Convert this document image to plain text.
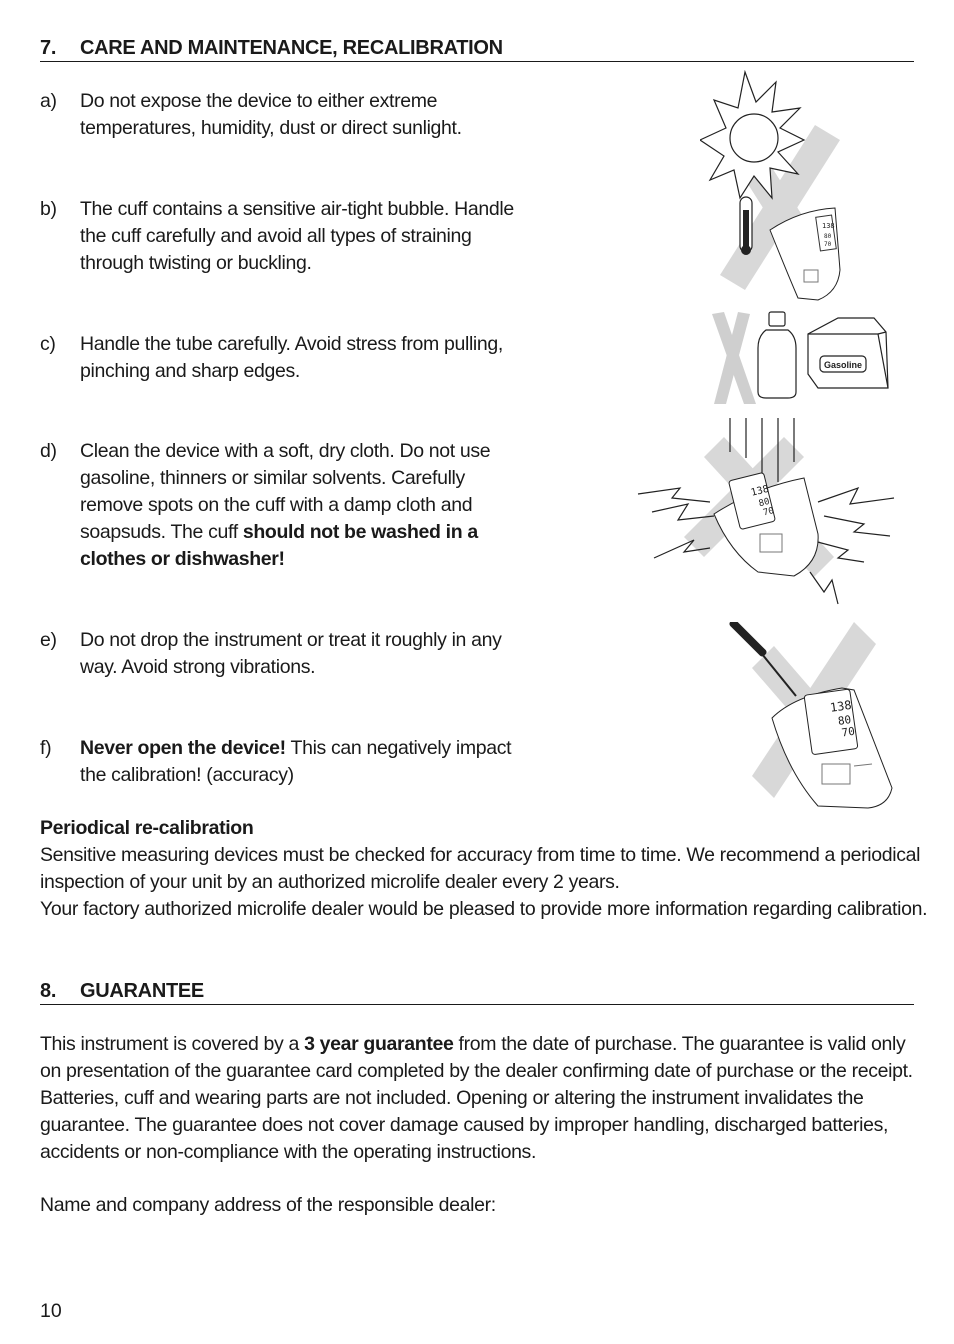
7. CARE AND MAINTENANCE, RECALIBRATION
a) Do not expose the device to either extreme
temperatures, humidity, dust or direct sunlight.
b) The cuff contains a sensitive air-tight bubble. Handle
the cuff carefully and avoid all types of straining
through twisting or buckling.
c) Handle the tube carefully. Avoid stress from pulling,
pinching and sharp edges.
d) Clean the device with a soft, dry cloth. Do not use
gasoline, thinners or similar solvents. Carefully
remove spots on the cuff with a damp cloth and
soapsuds. The cuff should not be washed in a
clothes or dishwasher!
e) Do not drop the instrument or treat it roughly in any
way. Avoid strong vibrations.
f) Never open the device! This can negatively impact
the calibration! (accuracy)
Periodical re-calibration
Sensitive measuring devices must be checked for accuracy from time to time. We recommend a periodical
inspection of your unit by an authorized microlife dealer every 2 years.
Your factory authorized microlife dealer would be pleased to provide more information regarding calibration.
8. GUARANTEE
This instrument is covered by a 3 year guarantee from the date of purchase. The guarantee is valid only
on presentation of the guarantee card completed by the dealer confirming date of purchase or the receipt.
Batteries, cuff and wearing parts are not included. Opening or altering the instrument invalidates the
guarantee. The guarantee does not cover damage caused by improper handling, discharged batteries,
accidents or non-compliance with the operating instructions.
Name and company address of the responsible dealer:
10
138
80
70
Gasoline
138
80
70
138
80
70
